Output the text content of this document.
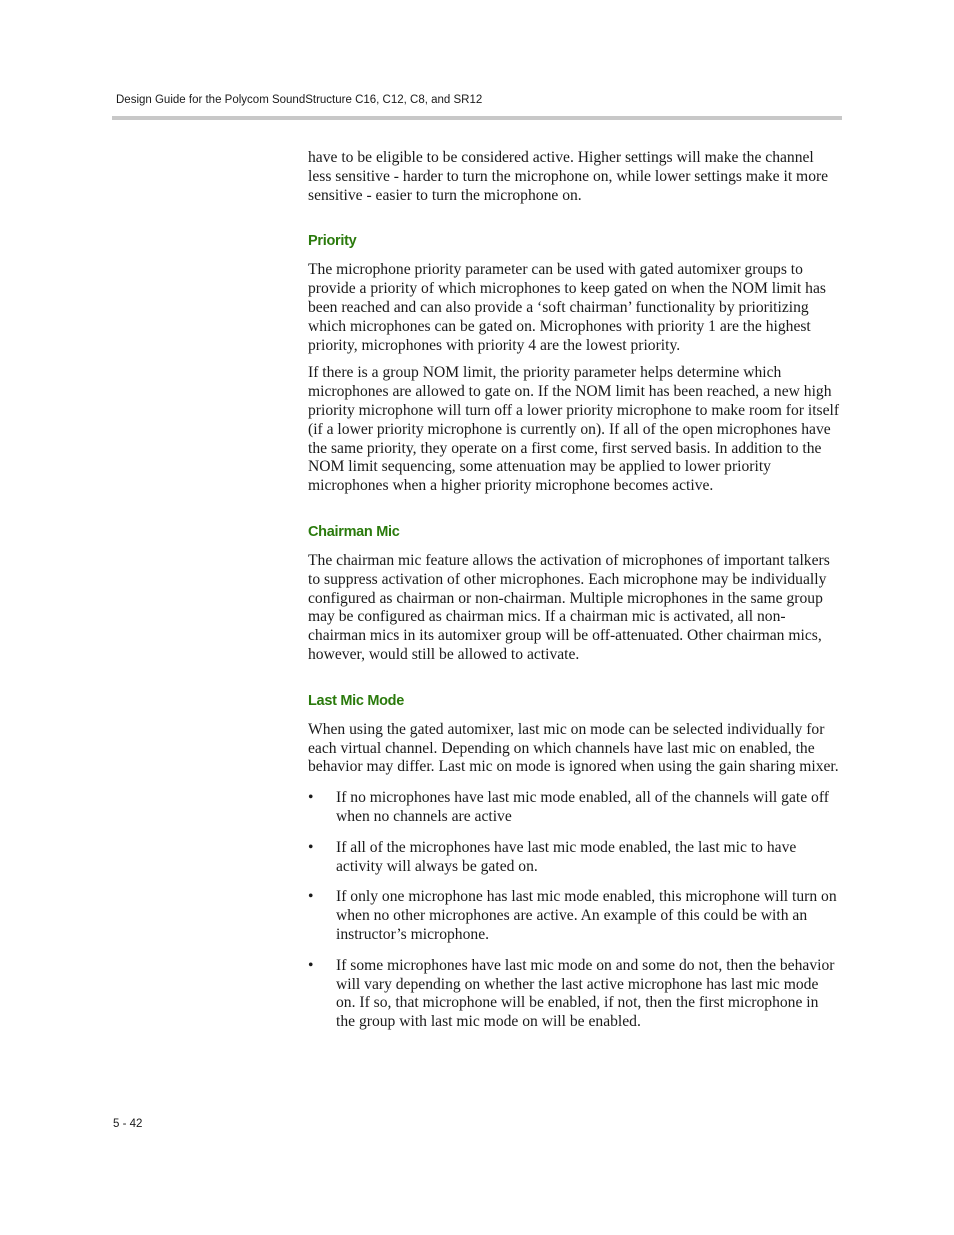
Design Guide for the Polycom SoundStructure C16, C12, C8, and SR12

have to be eligible to be considered active. Higher settings will make the channel less sensitive - harder to turn the microphone on, while lower settings make it more sensitive - easier to turn the microphone on.

Priority

The microphone priority parameter can be used with gated automixer groups to provide a priority of which microphones to keep gated on when the NOM limit has been reached and can also provide a ‘soft chairman’ functionality by prioritizing which microphones can be gated on. Microphones with priority 1 are the highest priority, microphones with priority 4 are the lowest priority.

If there is a group NOM limit, the priority parameter helps determine which microphones are allowed to gate on. If the NOM limit has been reached, a new high priority microphone will turn off a lower priority microphone to make room for itself (if a lower priority microphone is currently on). If all of the open microphones have the same priority, they operate on a first come, first served basis. In addition to the NOM limit sequencing, some attenuation may be applied to lower priority microphones when a higher priority microphone becomes active.

Chairman Mic

The chairman mic feature allows the activation of microphones of important talkers to suppress activation of other microphones. Each microphone may be individually configured as chairman or non-chairman. Multiple microphones in the same group may be configured as chairman mics. If a chairman mic is activated, all non-chairman mics in its automixer group will be off-attenuated. Other chairman mics, however, would still be allowed to activate.

Last Mic Mode

When using the gated automixer, last mic on mode can be selected individually for each virtual channel. Depending on which channels have last mic on enabled, the behavior may differ. Last mic on mode is ignored when using the gain sharing mixer.

• If no microphones have last mic mode enabled, all of the channels will gate off when no channels are active
• If all of the microphones have last mic mode enabled, the last mic to have activity will always be gated on.
• If only one microphone has last mic mode enabled, this microphone will turn on when no other microphones are active. An example of this could be with an instructor’s microphone.
• If some microphones have last mic mode on and some do not, then the behavior will vary depending on whether the last active microphone has last mic mode on. If so, that microphone will be enabled, if not, then the first microphone in the group with last mic mode on will be enabled.
5 - 42
